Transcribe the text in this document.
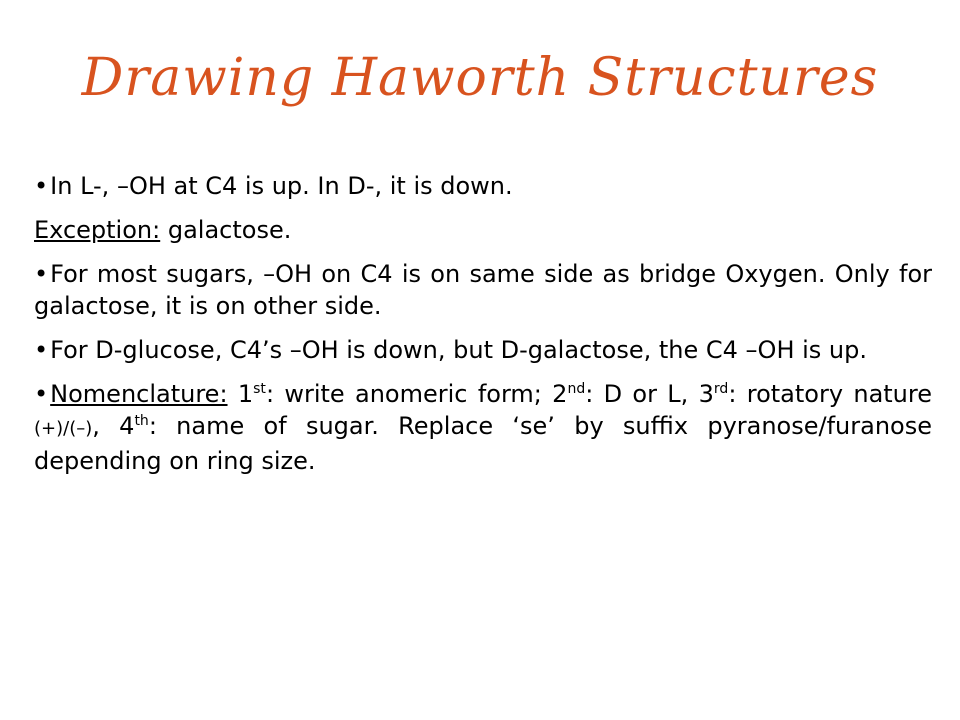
Drawing Haworth Structures

•In L-, –OH at C4 is up. In D-, it is down.

Exception: galactose.

•For most sugars, –OH on C4 is on same side as bridge Oxygen. Only for galactose, it is on other side.

•For D-glucose, C4’s –OH is down, but D-galactose, the C4 –OH is up.

•Nomenclature: 1st: write anomeric form; 2nd: D or L, 3rd: rotatory nature (+)/(–), 4th: name of sugar. Replace ‘se’ by suffix pyranose/furanose depending on ring size.
